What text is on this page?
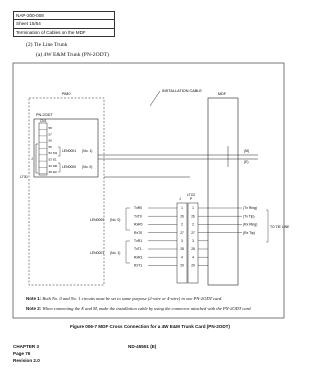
NAP-200-008
Sheet 15/54
Termination of Cables on the MDF
(2) Tie Line Trunk
(a) 4W E&M Trunk (PN-2ODT)
PIM0
PN-2ODT
CN1
58
57
56
55
54 M1
53 E1
33 M0
28 E0
J
LEN0001 (No. 1)
LEN0000 (No. 0)
INSTALLATION CABLE
MDF
(M)
(E)
LTC0
LT00
J	P
TxR0	1	1
TxT0	26 26
RxR0	2	2
RxT0	27 27
TxR1	3	3
TxT1	28 28
RxR1	4	4
RxT1	29 29
LEN0000 (No. 0)
LEN0001 (No. 1)
(Tx Ring)
(Tx Tip)
(Rx Ring)
(Rx Tip)
TO TIE LINE
Note 1: Both No. 0 and No. 1 circuits must be set to same purpose (2-wire or 4-wire) in one PN-2ODT card.
Note 2: When connecting the E and M, make the installation cable by using the connector attached with the PN-2ODT card.
Figure 006-7 MDF Cross Connection for a 4W E&M Trunk Card (PN-2ODT)
CHAPTER 3
Page 76
Revision 2.0
ND-45551 (E)
